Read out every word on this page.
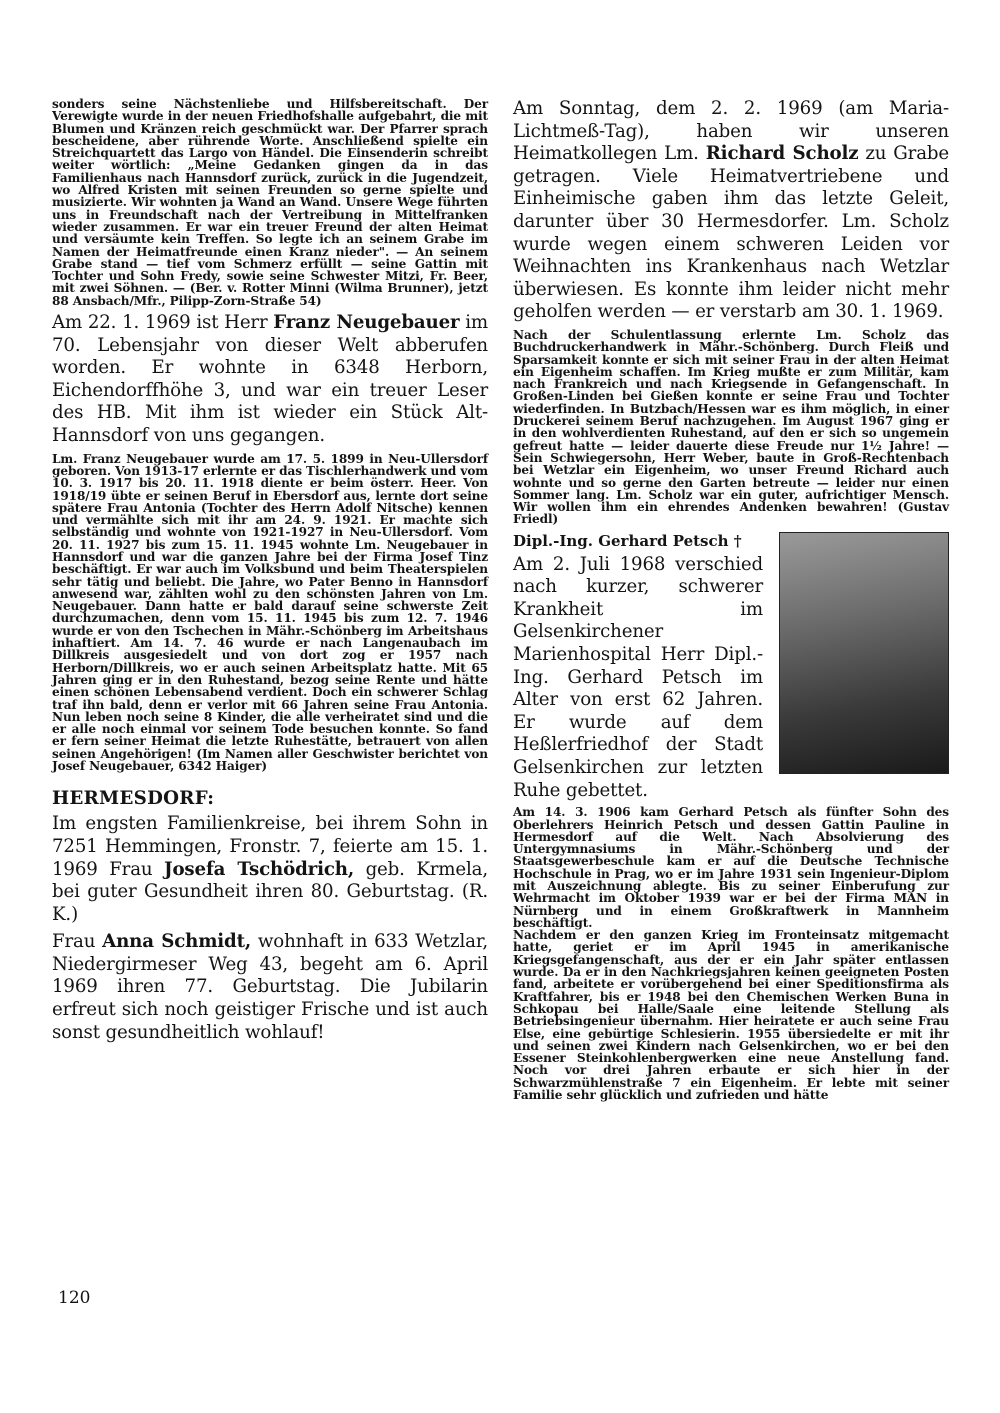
sonders seine Nächstenliebe und Hilfsbereitschaft. Der Verewigte wurde in der neuen Friedhofshalle aufgebahrt, die mit Blumen und Kränzen reich geschmückt war. Der Pfarrer sprach bescheidene, aber rührende Worte. Anschließend spielte ein Streichquartett das Largo von Händel. Die Einsenderin schreibt weiter wörtlich: „Meine Gedanken gingen da in das Familienhaus nach Hannsdorf zurück, zurück in die Jugendzeit, wo Alfred Kristen mit seinen Freunden so gerne spielte und musizierte. Wir wohnten ja Wand an Wand. Unsere Wege führten uns in Freundschaft nach der Vertreibung in Mittelfranken wieder zusammen. Er war ein treuer Freund der alten Heimat und versäumte kein Treffen. So legte ich an seinem Grabe im Namen der Heimatfreunde einen Kranz nieder". — An seinem Grabe stand — tief vom Schmerz erfüllt — seine Gattin mit Tochter und Sohn Fredy, sowie seine Schwester Mitzi, Fr. Beer, mit zwei Söhnen. — (Ber. v. Rotter Minni (Wilma Brunner), jetzt 88 Ansbach/Mfr., Pilipp-Zorn-Straße 54)

Am 22. 1. 1969 ist Herr Franz Neugebauer im 70. Lebensjahr von dieser Welt abberufen worden. Er wohnte in 6348 Herborn, Eichendorffhöhe 3, und war ein treuer Leser des HB. Mit ihm ist wieder ein Stück Alt-Hannsdorf von uns gegangen.

Lm. Franz Neugebauer wurde am 17. 5. 1899 in Neu-Ullersdorf geboren. Von 1913-17 erlernte er das Tischlerhandwerk und vom 10. 3. 1917 bis 20. 11. 1918 diente er beim österr. Heer. Von 1918/19 übte er seinen Beruf in Ebersdorf aus, lernte dort seine spätere Frau Antonia (Tochter des Herrn Adolf Nitsche) kennen und vermählte sich mit ihr am 24. 9. 1921. Er machte sich selbständig und wohnte von 1921-1927 in Neu-Ullersdorf. Vom 20. 11. 1927 bis zum 15. 11. 1945 wohnte Lm. Neugebauer in Hannsdorf und war die ganzen Jahre bei der Firma Josef Tinz beschäftigt. Er war auch im Volksbund und beim Theaterspielen sehr tätig und beliebt. Die Jahre, wo Pater Benno in Hannsdorf anwesend war, zählten wohl zu den schönsten Jahren von Lm. Neugebauer. Dann hatte er bald darauf seine schwerste Zeit durchzumachen, denn vom 15. 11. 1945 bis zum 12. 7. 1946 wurde er von den Tschechen in Mähr.-Schönberg im Arbeitshaus inhaftiert. Am 14. 7. 46 wurde er nach Langenaubach im Dillkreis ausgesiedelt und von dort zog er 1957 nach Herborn/Dillkreis, wo er auch seinen Arbeitsplatz hatte. Mit 65 Jahren ging er in den Ruhestand, bezog seine Rente und hätte einen schönen Lebensabend verdient. Doch ein schwerer Schlag traf ihn bald, denn er verlor mit 66 Jahren seine Frau Antonia. Nun leben noch seine 8 Kinder, die alle verheiratet sind und die er alle noch einmal vor seinem Tode besuchen konnte. So fand er fern seiner Heimat die letzte Ruhestätte, betrauert von allen seinen Angehörigen! (Im Namen aller Geschwister berichtet von Josef Neugebauer, 6342 Haiger)

HERMESDORF:

Im engsten Familienkreise, bei ihrem Sohn in 7251 Hemmingen, Fronstr. 7, feierte am 15. 1. 1969 Frau Josefa Tschödrich, geb. Krmela, bei guter Gesundheit ihren 80. Geburtstag. (R. K.)

Frau Anna Schmidt, wohnhaft in 633 Wetzlar, Niedergirmeser Weg 43, begeht am 6. April 1969 ihren 77. Geburtstag. Die Jubilarin erfreut sich noch geistiger Frische und ist auch sonst gesundheitlich wohlauf!

Am Sonntag, dem 2. 2. 1969 (am Maria-Lichtmeß-Tag), haben wir unseren Heimatkollegen Lm. Richard Scholz zu Grabe getragen. Viele Heimatvertriebene und Einheimische gaben ihm das letzte Geleit, darunter über 30 Hermesdorfer. Lm. Scholz wurde wegen einem schweren Leiden vor Weihnachten ins Krankenhaus nach Wetzlar überwiesen. Es konnte ihm leider nicht mehr geholfen werden — er verstarb am 30. 1. 1969.

Nach der Schulentlassung erlernte Lm. Scholz das Buchdruckerhandwerk in Mähr.-Schönberg. Durch Fleiß und Sparsamkeit konnte er sich mit seiner Frau in der alten Heimat ein Eigenheim schaffen. Im Krieg mußte er zum Militär, kam nach Frankreich und nach Kriegsende in Gefangenschaft. In Großen-Linden bei Gießen konnte er seine Frau und Tochter wiederfinden. In Butzbach/Hessen war es ihm möglich, in einer Druckerei seinem Beruf nachzugehen. Im August 1967 ging er in den wohlverdienten Ruhestand, auf den er sich so ungemein gefreut hatte — leider dauerte diese Freude nur 1½ Jahre! — Sein Schwiegersohn, Herr Weber, baute in Groß-Rechtenbach bei Wetzlar ein Eigenheim, wo unser Freund Richard auch wohnte und so gerne den Garten betreute — leider nur einen Sommer lang. Lm. Scholz war ein guter, aufrichtiger Mensch. Wir wollen ihm ein ehrendes Andenken bewahren! (Gustav Friedl)

Dipl.-Ing. Gerhard Petsch †

Am 2. Juli 1968 verschied nach kurzer, schwerer Krankheit im Gelsenkirchener Marienhospital Herr Dipl.-Ing. Gerhard Petsch im Alter von erst 62 Jahren. Er wurde auf dem Heßlerfriedhof der Stadt Gelsenkirchen zur letzten Ruhe gebettet.

Am 14. 3. 1906 kam Gerhard Petsch als fünfter Sohn des Oberlehrers Heinrich Petsch und dessen Gattin Pauline in Hermesdorf auf die Welt. Nach Absolvierung des Untergymnasiums in Mähr.-Schönberg und der Staatsgewerbeschule kam er auf die Deutsche Technische Hochschule in Prag, wo er im Jahre 1931 sein Ingenieur-Diplom mit Auszeichnung ablegte. Bis zu seiner Einberufung zur Wehrmacht im Oktober 1939 war er bei der Firma MAN in Nürnberg und in einem Großkraftwerk in Mannheim beschäftigt.

Nachdem er den ganzen Krieg im Fronteinsatz mitgemacht hatte, geriet er im April 1945 in amerikanische Kriegsgefangenschaft, aus der er ein Jahr später entlassen wurde. Da er in den Nachkriegsjahren keinen geeigneten Posten fand, arbeitete er vorübergehend bei einer Speditionsfirma als Kraftfahrer, bis er 1948 bei den Chemischen Werken Buna in Schkopau bei Halle/Saale eine leitende Stellung als Betriebsingenieur übernahm. Hier heiratete er auch seine Frau Else, eine gebürtige Schlesierin. 1955 übersiedelte er mit ihr und seinen zwei Kindern nach Gelsenkirchen, wo er bei den Essener Steinkohlenbergwerken eine neue Anstellung fand. Noch vor drei Jahren erbaute er sich hier in der Schwarzmühlenstraße 7 ein Eigenheim. Er lebte mit seiner Familie sehr glücklich und zufrieden und hätte

120
